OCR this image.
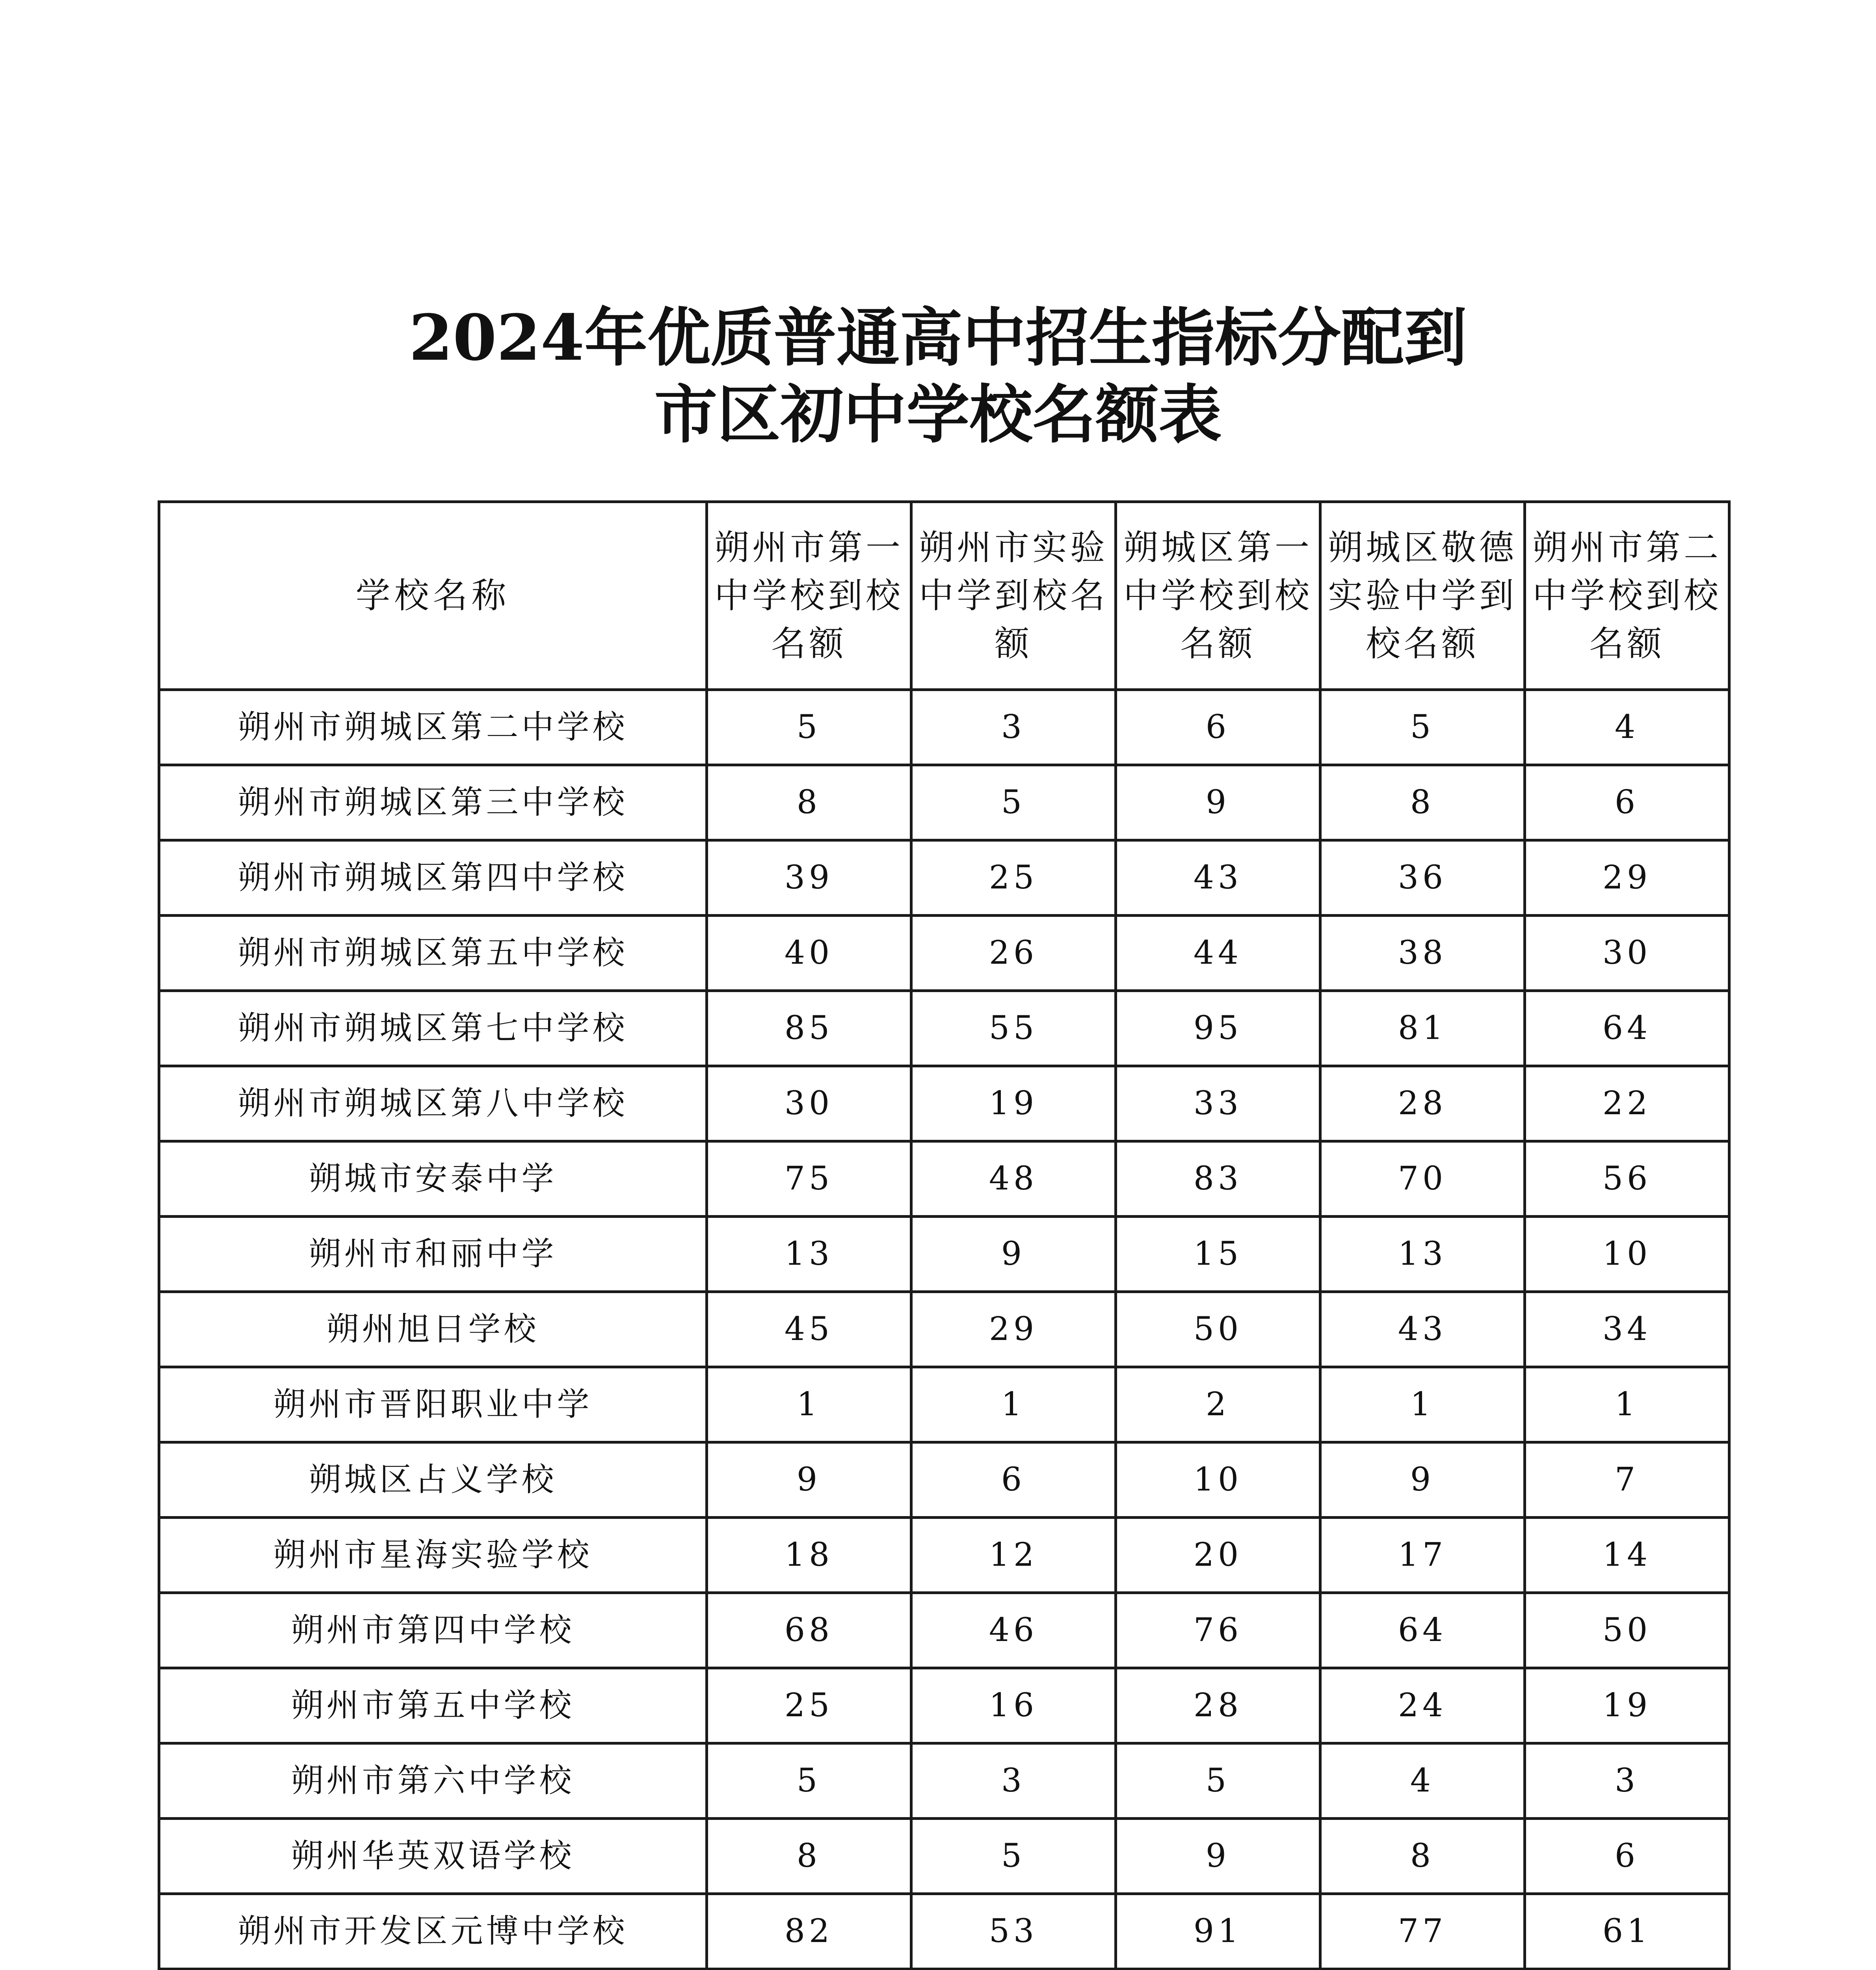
2024年优质普通高中招生指标分配到
市区初中学校名额表
学校名称	朔州市第一中学校到校名额	朔州市实验中学到校名额	朔城区第一中学校到校名额	朔城区敬德实验中学到校名额	朔州市第二中学校到校名额
朔州市朔城区第二中学校	5	3	6	5	4
朔州市朔城区第三中学校	8	5	9	8	6
朔州市朔城区第四中学校	39	25	43	36	29
朔州市朔城区第五中学校	40	26	44	38	30
朔州市朔城区第七中学校	85	55	95	81	64
朔州市朔城区第八中学校	30	19	33	28	22
朔城市安泰中学	75	48	83	70	56
朔州市和丽中学	13	9	15	13	10
朔州旭日学校	45	29	50	43	34
朔州市晋阳职业中学	1	1	2	1	1
朔城区占义学校	9	6	10	9	7
朔州市星海实验学校	18	12	20	17	14
朔州市第四中学校	68	46	76	64	50
朔州市第五中学校	25	16	28	24	19
朔州市第六中学校	5	3	5	4	3
朔州华英双语学校	8	5	9	8	6
朔州市开发区元博中学校	82	53	91	77	61
